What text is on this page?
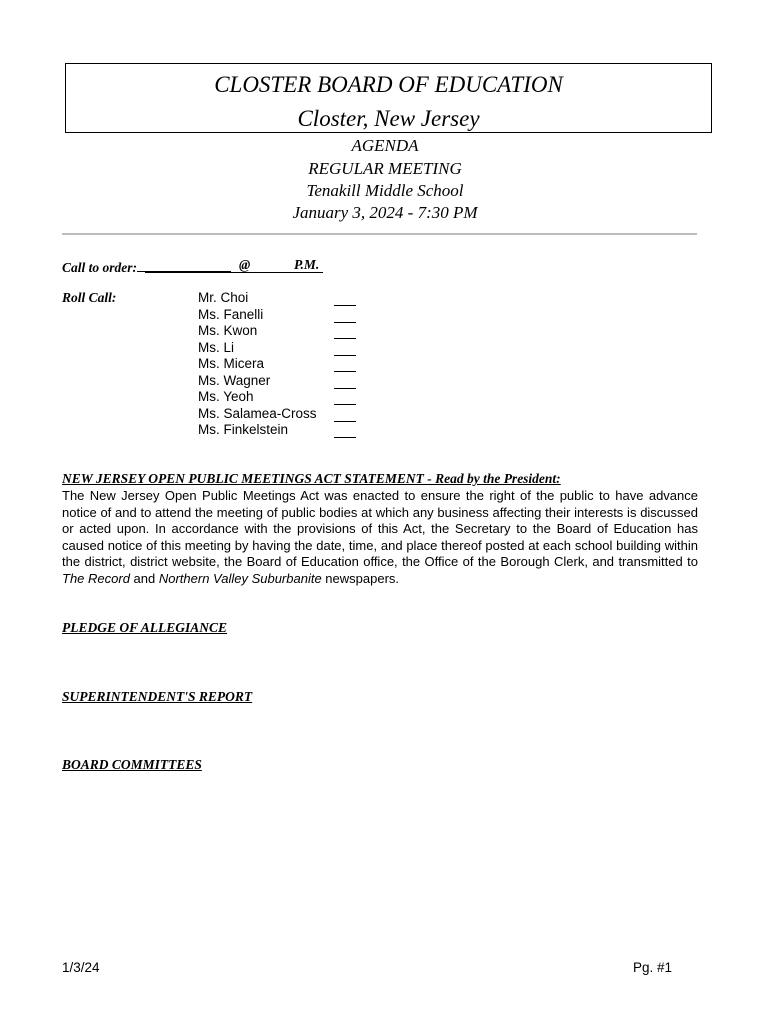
CLOSTER BOARD OF EDUCATION
Closter, New Jersey
AGENDA
REGULAR MEETING
Tenakill Middle School
January 3, 2024 - 7:30 PM
Call to order:	@	P.M.
Roll Call:	Mr. Choi
Ms. Fanelli
Ms. Kwon
Ms. Li
Ms. Micera
Ms. Wagner
Ms. Yeoh
Ms. Salamea-Cross
Ms. Finkelstein
NEW JERSEY OPEN PUBLIC MEETINGS ACT STATEMENT - Read by the President:
The New Jersey Open Public Meetings Act was enacted to ensure the right of the public to have advance notice of and to attend the meeting of public bodies at which any business affecting their interests is discussed or acted upon. In accordance with the provisions of this Act, the Secretary to the Board of Education has caused notice of this meeting by having the date, time, and place thereof posted at each school building within the district, district website, the Board of Education office, the Office of the Borough Clerk, and transmitted to The Record and Northern Valley Suburbanite newspapers.
PLEDGE OF ALLEGIANCE
SUPERINTENDENT'S REPORT
BOARD COMMITTEES
1/3/24	Pg. #1
